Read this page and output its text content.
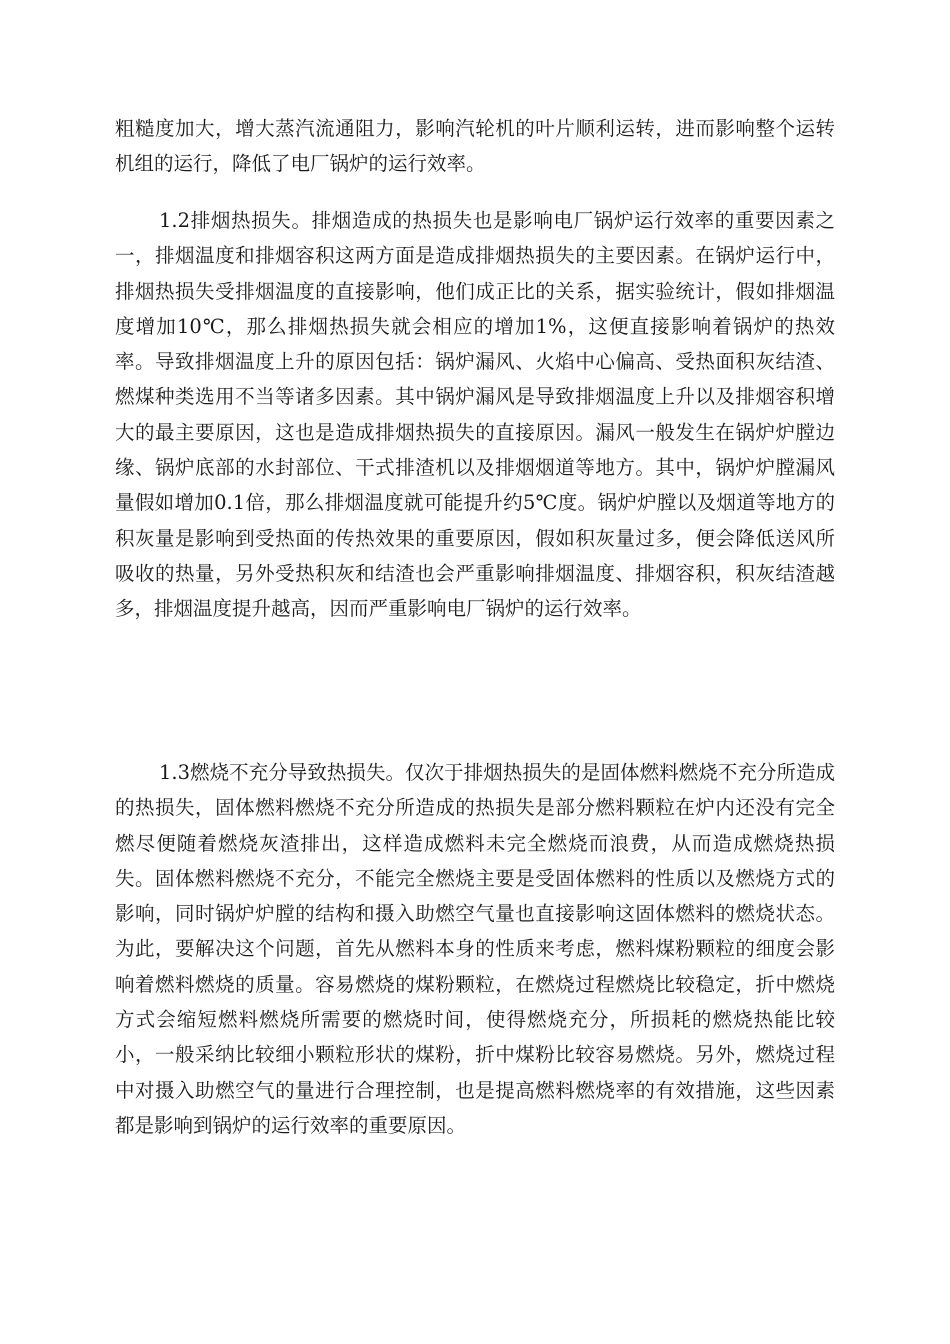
粗糙度加大，增大蒸汽流通阻力，影响汽轮机的叶片顺利运转，进而影响整个运转机组的运行，降低了电厂锅炉的运行效率。

1.2排烟热损失。排烟造成的热损失也是影响电厂锅炉运行效率的重要因素之一，排烟温度和排烟容积这两方面是造成排烟热损失的主要因素。在锅炉运行中，排烟热损失受排烟温度的直接影响，他们成正比的关系，据实验统计，假如排烟温度增加10℃，那么排烟热损失就会相应的增加1%，这便直接影响着锅炉的热效率。导致排烟温度上升的原因包括：锅炉漏风、火焰中心偏高、受热面积灰结渣、燃煤种类选用不当等诸多因素。其中锅炉漏风是导致排烟温度上升以及排烟容积增大的最主要原因，这也是造成排烟热损失的直接原因。漏风一般发生在锅炉炉膛边缘、锅炉底部的水封部位、干式排渣机以及排烟烟道等地方。其中，锅炉炉膛漏风量假如增加0.1倍，那么排烟温度就可能提升约5℃度。锅炉炉膛以及烟道等地方的积灰量是影响到受热面的传热效果的重要原因，假如积灰量过多，便会降低送风所吸收的热量，另外受热积灰和结渣也会严重影响排烟温度、排烟容积，积灰结渣越多，排烟温度提升越高，因而严重影响电厂锅炉的运行效率。

1.3燃烧不充分导致热损失。仅次于排烟热损失的是固体燃料燃烧不充分所造成的热损失，固体燃料燃烧不充分所造成的热损失是部分燃料颗粒在炉内还没有完全燃尽便随着燃烧灰渣排出，这样造成燃料未完全燃烧而浪费，从而造成燃烧热损失。固体燃料燃烧不充分，不能完全燃烧主要是受固体燃料的性质以及燃烧方式的影响，同时锅炉炉膛的结构和摄入助燃空气量也直接影响这固体燃料的燃烧状态。为此，要解决这个问题，首先从燃料本身的性质来考虑，燃料煤粉颗粒的细度会影响着燃料燃烧的质量。容易燃烧的煤粉颗粒，在燃烧过程燃烧比较稳定，折中燃烧方式会缩短燃料燃烧所需要的燃烧时间，使得燃烧充分，所损耗的燃烧热能比较小，一般采纳比较细小颗粒形状的煤粉，折中煤粉比较容易燃烧。另外，燃烧过程中对摄入助燃空气的量进行合理控制，也是提高燃料燃烧率的有效措施，这些因素都是影响到锅炉的运行效率的重要原因。
